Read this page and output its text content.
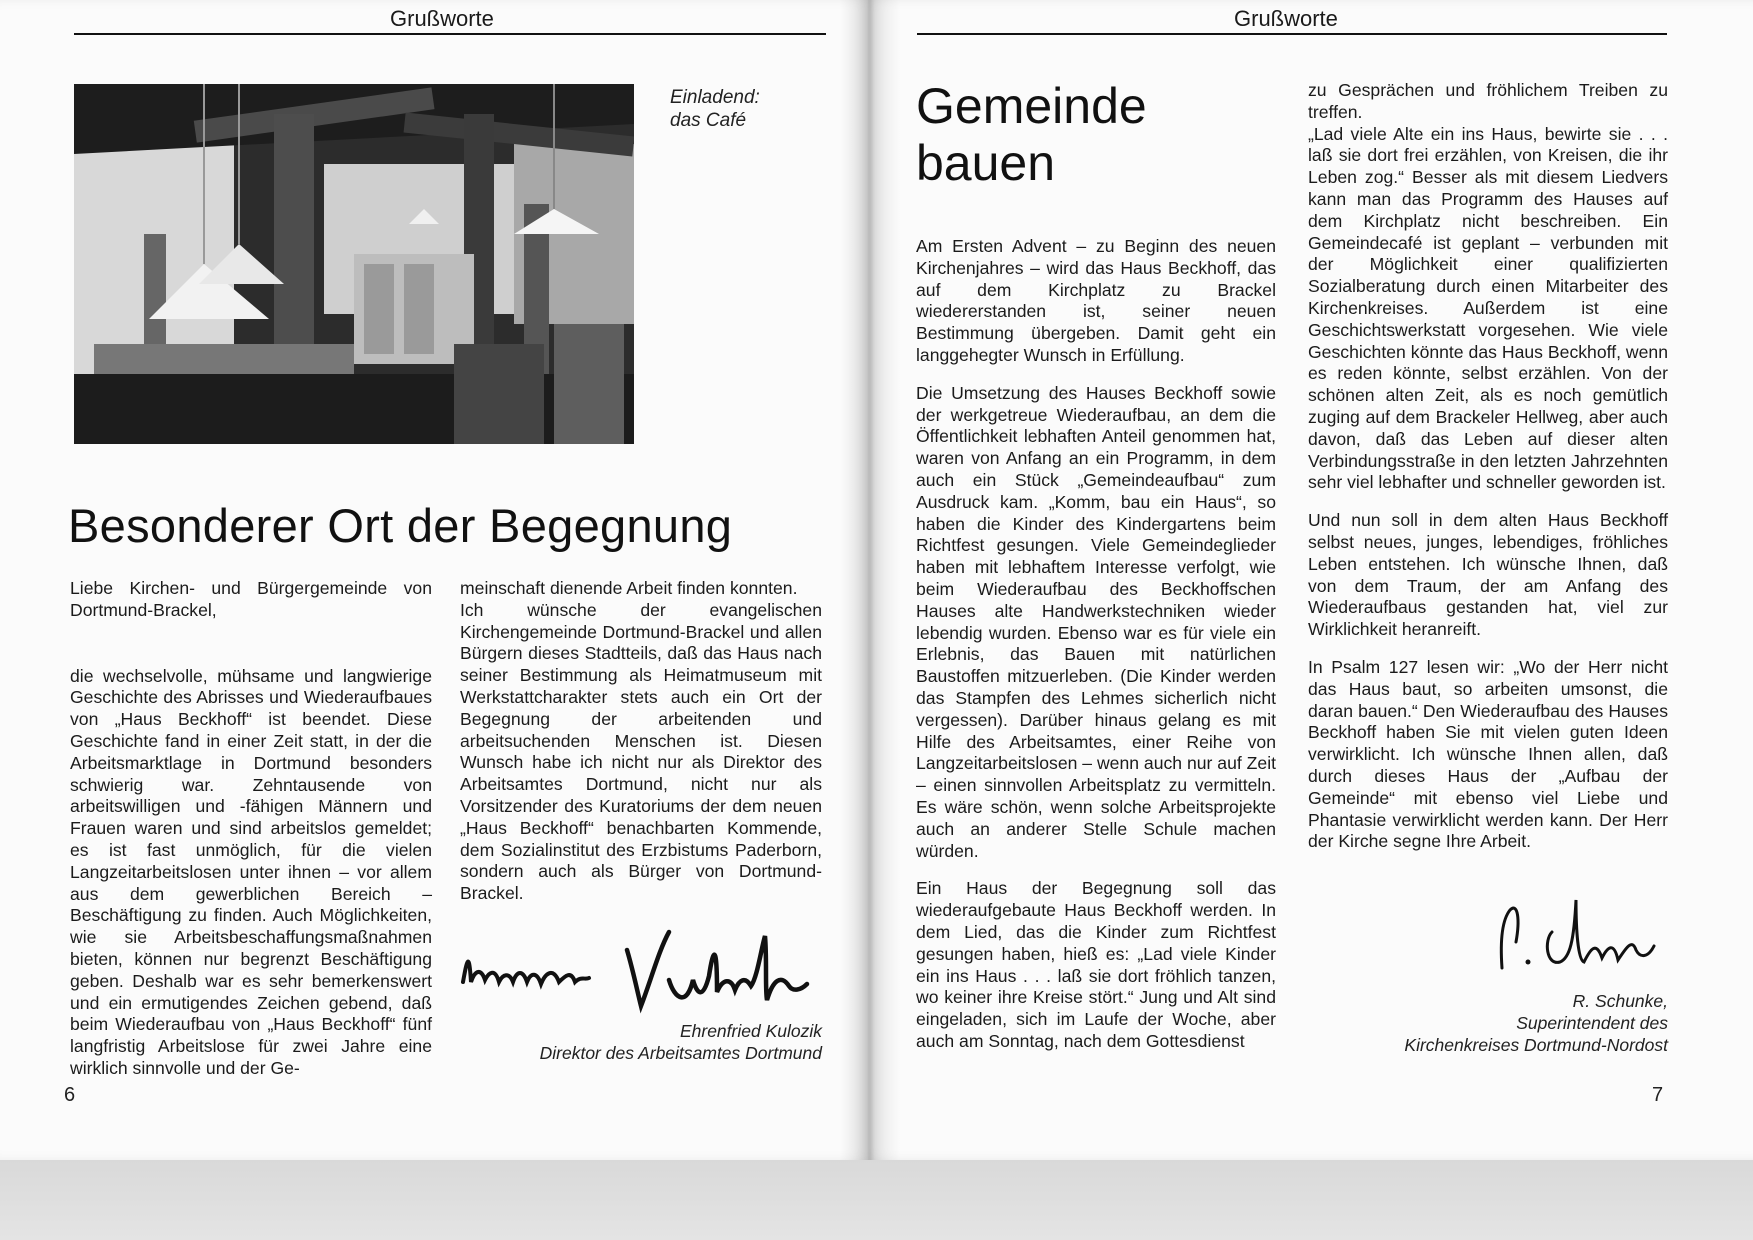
Grußworte
Einladend:
das Café
Besonderer Ort der Begegnung

Liebe Kirchen- und Bürgergemeinde von Dortmund-Brackel,

die wechselvolle, mühsame und langwierige Geschichte des Abrisses und Wiederaufbaues von „Haus Beckhoff“ ist beendet. Diese Geschichte fand in einer Zeit statt, in der die Arbeitsmarktlage in Dortmund besonders schwierig war. Zehntausende von arbeitswilligen und -fähigen Männern und Frauen waren und sind arbeitslos gemeldet; es ist fast unmöglich, für die vielen Langzeitarbeitslosen unter ihnen – vor allem aus dem gewerblichen Bereich – Beschäftigung zu finden. Auch Möglichkeiten, wie sie Arbeitsbeschaffungsmaßnahmen bieten, können nur begrenzt Beschäftigung geben. Deshalb war es sehr bemerkenswert und ein ermutigendes Zeichen gebend, daß beim Wiederaufbau von „Haus Beckhoff“ fünf langfristig Arbeitslose für zwei Jahre eine wirklich sinnvolle und der Ge-

meinschaft dienende Arbeit finden konnten.

Ich wünsche der evangelischen Kirchengemeinde Dortmund-Brackel und allen Bürgern dieses Stadtteils, daß das Haus nach seiner Bestimmung als Heimatmuseum mit Werkstattcharakter stets auch ein Ort der Begegnung der arbeitenden und arbeitsuchenden Menschen ist. Diesen Wunsch habe ich nicht nur als Direktor des Arbeitsamtes Dortmund, nicht nur als Vorsitzender des Kuratoriums der dem neuen „Haus Beckhoff“ benachbarten Kommende, dem Sozialinstitut des Erzbistums Paderborn, sondern auch als Bürger von Dortmund-Brackel.

Ehrenfried Kulozik
Direktor des Arbeitsamtes Dortmund
6
Grußworte
Gemeinde
bauen

Am Ersten Advent – zu Beginn des neuen Kirchenjahres – wird das Haus Beckhoff, das auf dem Kirchplatz zu Brackel wiedererstanden ist, seiner neuen Bestimmung übergeben. Damit geht ein langgehegter Wunsch in Erfüllung.

Die Umsetzung des Hauses Beckhoff sowie der werkgetreue Wiederaufbau, an dem die Öffentlichkeit lebhaften Anteil genommen hat, waren von Anfang an ein Programm, in dem auch ein Stück „Gemeindeaufbau“ zum Ausdruck kam. „Komm, bau ein Haus“, so haben die Kinder des Kindergartens beim Richtfest gesungen. Viele Gemeindeglieder haben mit lebhaftem Interesse verfolgt, wie beim Wiederaufbau des Beckhoffschen Hauses alte Handwerkstechniken wieder lebendig wurden. Ebenso war es für viele ein Erlebnis, das Bauen mit natürlichen Baustoffen mitzuerleben. (Die Kinder werden das Stampfen des Lehmes sicherlich nicht vergessen). Darüber hinaus gelang es mit Hilfe des Arbeitsamtes, einer Reihe von Langzeitarbeitslosen – wenn auch nur auf Zeit – einen sinnvollen Arbeitsplatz zu vermitteln. Es wäre schön, wenn solche Arbeitsprojekte auch an anderer Stelle Schule machen würden.

Ein Haus der Begegnung soll das wiederaufgebaute Haus Beckhoff werden. In dem Lied, das die Kinder zum Richtfest gesungen haben, hieß es: „Lad viele Kinder ein ins Haus . . . laß sie dort fröhlich tanzen, wo keiner ihre Kreise stört.“ Jung und Alt sind eingeladen, sich im Laufe der Woche, aber auch am Sonntag, nach dem Gottesdienst

zu Gesprächen und fröhlichem Treiben zu treffen.

„Lad viele Alte ein ins Haus, bewirte sie . . . laß sie dort frei erzählen, von Kreisen, die ihr Leben zog.“ Besser als mit diesem Liedvers kann man das Programm des Hauses auf dem Kirchplatz nicht beschreiben. Ein Gemeindecafé ist geplant – verbunden mit der Möglichkeit einer qualifizierten Sozialberatung durch einen Mitarbeiter des Kirchenkreises. Außerdem ist eine Geschichtswerkstatt vorgesehen. Wie viele Geschichten könnte das Haus Beckhoff, wenn es reden könnte, selbst erzählen. Von der schönen alten Zeit, als es noch gemütlich zuging auf dem Brackeler Hellweg, aber auch davon, daß das Leben auf dieser alten Verbindungsstraße in den letzten Jahrzehnten sehr viel lebhafter und schneller geworden ist.

Und nun soll in dem alten Haus Beckhoff selbst neues, junges, lebendiges, fröhliches Leben entstehen. Ich wünsche Ihnen, daß von dem Traum, der am Anfang des Wiederaufbaus gestanden hat, viel zur Wirklichkeit heranreift.

In Psalm 127 lesen wir: „Wo der Herr nicht das Haus baut, so arbeiten umsonst, die daran bauen.“ Den Wiederaufbau des Hauses Beckhoff haben Sie mit vielen guten Ideen verwirklicht. Ich wünsche Ihnen allen, daß durch dieses Haus der „Aufbau der Gemeinde“ mit ebenso viel Liebe und Phantasie verwirklicht werden kann. Der Herr der Kirche segne Ihre Arbeit.

R. Schunke,
Superintendent des
Kirchenkreises Dortmund-Nordost
7
